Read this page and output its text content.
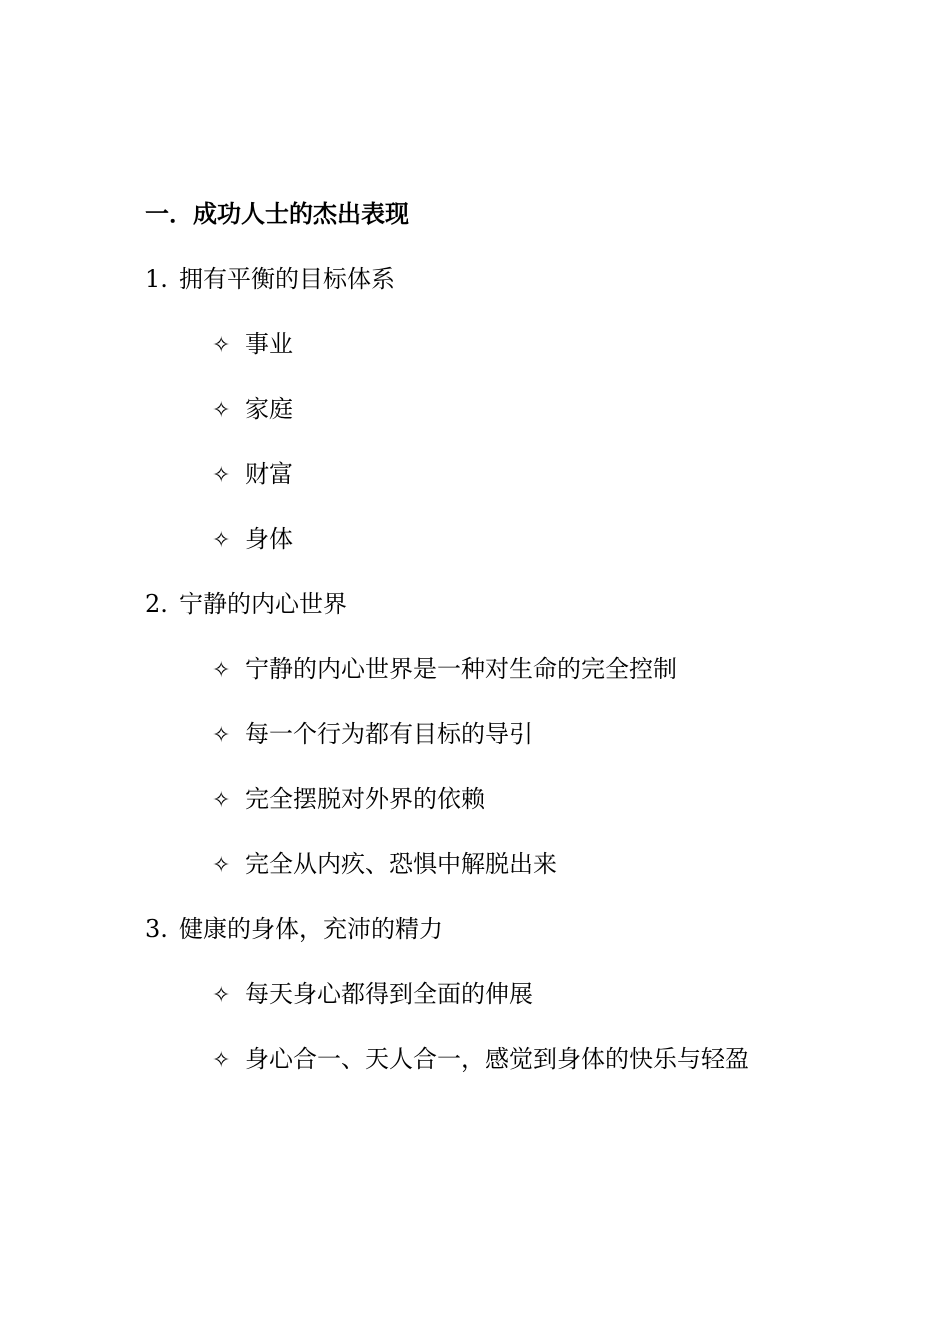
一．成功人士的杰出表现
1. 拥有平衡的目标体系
✧ 事业
✧ 家庭
✧ 财富
✧ 身体
2. 宁静的内心世界
✧ 宁静的内心世界是一种对生命的完全控制
✧ 每一个行为都有目标的导引
✧ 完全摆脱对外界的依赖
✧ 完全从内疚、恐惧中解脱出来
3. 健康的身体，充沛的精力
✧ 每天身心都得到全面的伸展
✧ 身心合一、天人合一，感觉到身体的快乐与轻盈
